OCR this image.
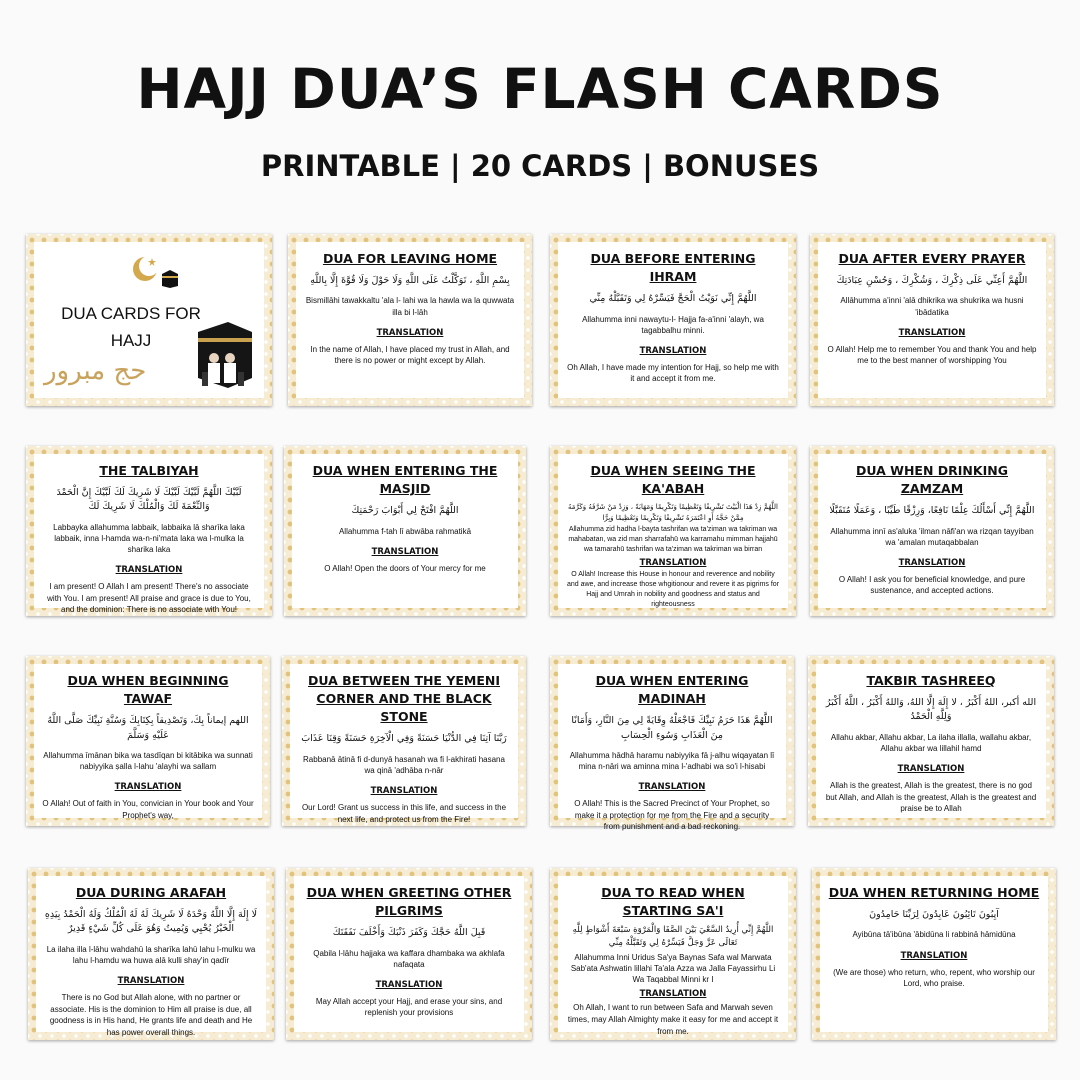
HAJJ DUA’S FLASH CARDS
PRINTABLE | 20 CARDS | BONUSES
DUA CARDS FOR HAJJ
حج مبرور
DUA FOR LEAVING HOME
بِسْمِ اللَّهِ ، تَوَكَّلْتُ عَلَى اللَّهِ وَلَا حَوْلَ وَلَا قُوَّةَ إِلَّا بِاللَّهِ
Bismillāhi tawakkaltu 'ala l- lahi wa la hawla wa la quwwata illa bi l-lāh
TRANSLATION
In the name of Allah, I have placed my trust in Allah, and there is no power or might except by Allah.
DUA BEFORE ENTERING IHRAM
اللَّهُمَّ إِنِّي نَوَيْتُ الْحَجَّ فَيَسِّرْهُ لِي وَتَقَبَّلْهُ مِنِّي
Allahumma inni nawaytu-l- Hajja fa-a'inni 'alayh, wa tagabbalhu minni.
TRANSLATION
Oh Allah, I have made my intention for Hajj, so help me with it and accept it from me.
DUA AFTER EVERY PRAYER
اللَّهُمَّ أَعِنِّي عَلَى ذِكْرِكَ ، وَشُكْرِكَ ، وَحُسْنِ عِبَادَتِكَ
Allāhumma a'inni 'alā dhikrika wa shukrika wa husni 'ibādatika
TRANSLATION
O Allah! Help me to remember You and thank You and help me to the best manner of worshipping You
THE TALBIYAH
لَبَّيْكَ اللَّهُمَّ لَبَّيْكَ لَبَّيْكَ لَا شَرِيكَ لَكَ لَبَّيْكَ إِنَّ الْحَمْدَ وَالنِّعْمَةَ لَكَ وَالْمُلْكَ لَا شَرِيكَ لَكَ
Labbayka allahumma labbaik, labbaika lā sharīka laka labbaik, inna l-hamda wa-n-ni'mata laka wa l-mulka la sharika laka
TRANSLATION
I am present! O Allah I am present! There's no associate with You. I am present! All praise and grace is due to You, and the dominion: There is no associate with You!
DUA WHEN ENTERING THE MASJID
اللَّهُمَّ افْتَحْ لِي أَبْوَابَ رَحْمَتِكَ
Allahumma f-tah lī abwāba rahmatikā
TRANSLATION
O Allah! Open the doors of Your mercy for me
DUA WHEN SEEING THE KA'ABAH
اللَّهُمَّ زِدْ هَذَا الْبَيْتَ تَشْرِيفًا وَتَعْظِيمًا وَتَكْرِيمًا وَمَهَابَةً ، وَزِدْ مَنْ شَرَّفَهُ وَكَرَّمَهُ مِمَّنْ حَجَّهُ أَوِ اعْتَمَرَهُ تَشْرِيفًا وَتَكْرِيمًا وَتَعْظِيمًا وَبِرًّا
Allahumma zid hadha l-bayta tashrifan wa ta'ziman wa takriman wa mahabatan, wa zid man sharrafahū wa karramahu mimman hajjahū wa tamarahū tashrifan wa ta'ziman wa takriman wa birran
TRANSLATION
O Allah! Increase this House in honour and reverence and nobility and awe, and increase those whgitionour and revere it as pigrims for Hajj and Umrah in nobility and goodness and status and righteousness
DUA WHEN DRINKING ZAMZAM
اللَّهُمَّ إِنِّي أَسْأَلُكَ عِلْمًا نَافِعًا، وَرِزْقًا طَيِّبًا ، وَعَمَلًا مُتَقَبَّلًا
Allahumma innī as'aluka 'ilman nāfi'an wa rizqan tayyiban wa 'amalan mutaqabbalan
TRANSLATION
O Allah! I ask you for beneficial knowledge, and pure sustenance, and accepted actions.
DUA WHEN BEGINNING TAWAF
اللهم إيماناً بِكَ، وَتَصْدِيقاً بِكِتَابِكَ وَسُنَّةِ نَبِيِّكَ صَلَّى اللَّهُ عَلَيْهِ وَسَلَّمَ
Allahumma īmānan bika wa tasdīqan bi kitābika wa sunnati nabiyyika ṣalla l-lahu 'alayhi wa sallam
TRANSLATION
O Allah! Out of faith in You, convician in Your book and Your Prophet's way,
DUA BETWEEN THE YEMENI CORNER AND THE BLACK STONE
رَبَّنَا آتِنَا فِي الدُّنْيَا حَسَنَةً وَفِي الْآخِرَةِ حَسَنَةً وَقِنَا عَذَابَ
Rabbanā ātinā fi d-dunyā hasanah wa fi l-akhirati hasana wa qinā 'adhāba n-nār
TRANSLATION
Our Lord! Grant us success in this life, and success in the next life, and protect us from the Fire!
DUA WHEN ENTERING MADINAH
اللَّهُمَّ هَذَا حَرَمُ نَبِيِّكَ فَاجْعَلْهُ وِقَايَةً لِي مِنَ النَّارِ، وَأَمَانًا مِنَ الْعَذَابِ وَسُوءِ الْحِسَابِ
Allahumma hādhā haramu nabiyyika fā j-alhu wiqayatan lī mina n-nāri wa aminna mina l-'adhabi wa so'i l-hisabi
TRANSLATION
O Allah! This is the Sacred Precinct of Your Prophet, so make it a protection for me from the Fire and a security from punishment and a bad reckoning.
TAKBIR TASHREEQ
الله أكبر، اللهُ أَكْبَرُ ، لا إِلَهَ إِلَّا اللهُ، وَاللهُ أَكْبَرُ ، اللَّهُ أَكْبَرُ وَلِلَّهِ الْحَمْدُ
Allahu akbar, Allahu akbar, La ilaha illalla, wallahu akbar, Allahu akbar wa lillahil hamd
TRANSLATION
Allah is the greatest, Allah is the greatest, there is no god but Allah, and Allah is the greatest, Allah is the greatest and praise be to Allah
DUA DURING ARAFAH
لَا إِلَهَ إِلَّا اللَّهُ وَحْدَهُ لَا شَرِيكَ لَهُ لَهُ الْمُلْكُ وَلَهُ الْحَمْدُ بِيَدِهِ الْخَيْرُ يُحْيِي وَيُمِيتُ وَهُوَ عَلَى كُلِّ شَيْءٍ قَدِيرٌ
La ilaha illa l-lāhu wahdahū la sharīka lahū lahu l-mulku wa lahu l-hamdu wa huwa alā kulli shay'in qadīr
TRANSLATION
There is no God but Allah alone, with no partner or associate. His is the dominion to Him all praise is due, all goodness is in His hand, He grants life and death and He has power overall things.
DUA WHEN GREETING OTHER PILGRIMS
قَبِلَ اللَّهُ حَجَّكَ وَكَفَرَ ذَنْبَكَ وَأَخْلَفَ نَفَقَتَكَ
Qabila l-lāhu hajjaka wa kaffara dhambaka wa akhlafa nafaqata
TRANSLATION
May Allah accept your Hajj, and erase your sins, and replenish your provisions
DUA TO READ WHEN STARTING SA'I
اللَّهُمَّ إِنِّي أُرِيدُ السَّعْيَ بَيْنَ الصَّفَا وَالْمَرْوَةِ سَبْعَةَ أَشْوَاطٍ لِلَّهِ تَعَالَى عَزَّ وَجَلَّ فَيَسِّرْهُ لِي وَتَقَبَّلْهُ مِنِّي
Allahumma Inni Uridus Sa'ya Baynas Safa wal Marwata Sab'ata Ashwatin lillahi Ta'ala Azza wa Jalla Fayassirhu Li Wa Taqabbal Minni kr I
TRANSLATION
Oh Allah, I want to run between Safa and Marwah seven times, may Allah Almighty make it easy for me and accept it from me.
DUA WHEN RETURNING HOME
آيِبُونَ تَائِبُونَ عَابِدُونَ لِرَبِّنَا حَامِدُونَ
Ayibūna tā'ibūna 'ābidūna li rabbinā hāmidūna
TRANSLATION
(We are those) who return, who, repent, who worship our Lord, who praise.
